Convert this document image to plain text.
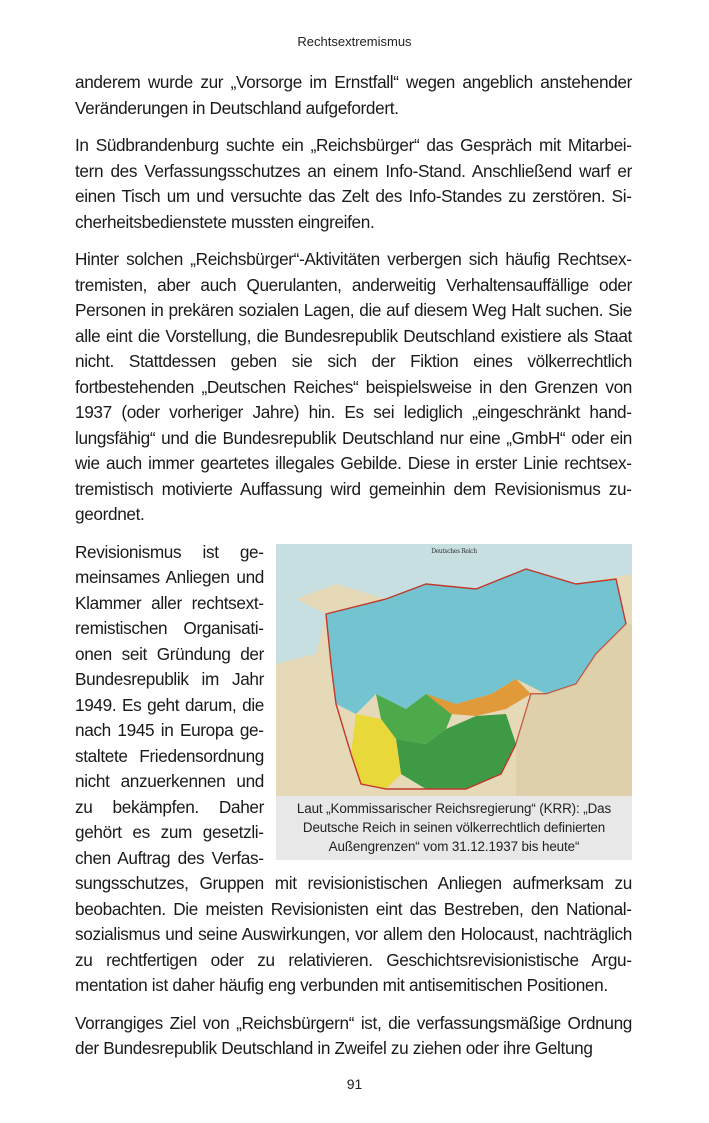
Rechtsextremismus

anderem wurde zur „Vorsorge im Ernstfall“ wegen angeblich anstehender Veränderungen in Deutschland aufgefordert.

In Südbrandenburg suchte ein „Reichsbürger“ das Gespräch mit Mitarbeitern des Verfassungsschutzes an einem Info-Stand. Anschließend warf er einen Tisch um und versuchte das Zelt des Info-Standes zu zerstören. Sicherheitsbedienstete mussten eingreifen.

Hinter solchen „Reichsbürger“-Aktivitäten verbergen sich häufig Rechtsextremisten, aber auch Querulanten, anderweitig Verhaltensauffällige oder Personen in prekären sozialen Lagen, die auf diesem Weg Halt suchen. Sie alle eint die Vorstellung, die Bundesrepublik Deutschland existiere als Staat nicht. Stattdessen geben sie sich der Fiktion eines völkerrechtlich fortbestehenden „Deutschen Reiches“ beispielsweise in den Grenzen von 1937 (oder vorheriger Jahre) hin. Es sei lediglich „eingeschränkt handlungsfähig“ und die Bundesrepublik Deutschland nur eine „GmbH“ oder ein wie auch immer geartetes illegales Gebilde. Diese in erster Linie rechtsextremistisch motivierte Auffassung wird gemeinhin dem Revisionismus zugeordnet.

Deutsches Reich
Laut „Kommissarischer Reichsregierung“ (KRR): „Das Deutsche Reich in seinen völkerrechtlich definierten Außengrenzen“ vom 31.12.1937 bis heute“

Revisionismus ist gemeinsames Anliegen und Klammer aller rechtsextremistischen Organisationen seit Gründung der Bundesrepublik im Jahr 1949. Es geht darum, die nach 1945 in Europa gestaltete Friedensordnung nicht anzuerkennen und zu bekämpfen. Daher gehört es zum gesetzlichen Auftrag des Verfassungsschutzes, Gruppen mit revisionistischen Anliegen aufmerksam zu beobachten. Die meisten Revisionisten eint das Bestreben, den Nationalsozialismus und seine Auswirkungen, vor allem den Holocaust, nachträglich zu rechtfertigen oder zu relativieren. Geschichtsrevisionistische Argumentation ist daher häufig eng verbunden mit antisemitischen Positionen.

Vorrangiges Ziel von „Reichsbürgern“ ist, die verfassungsmäßige Ordnung der Bundesrepublik Deutschland in Zweifel zu ziehen oder ihre Geltung

91
